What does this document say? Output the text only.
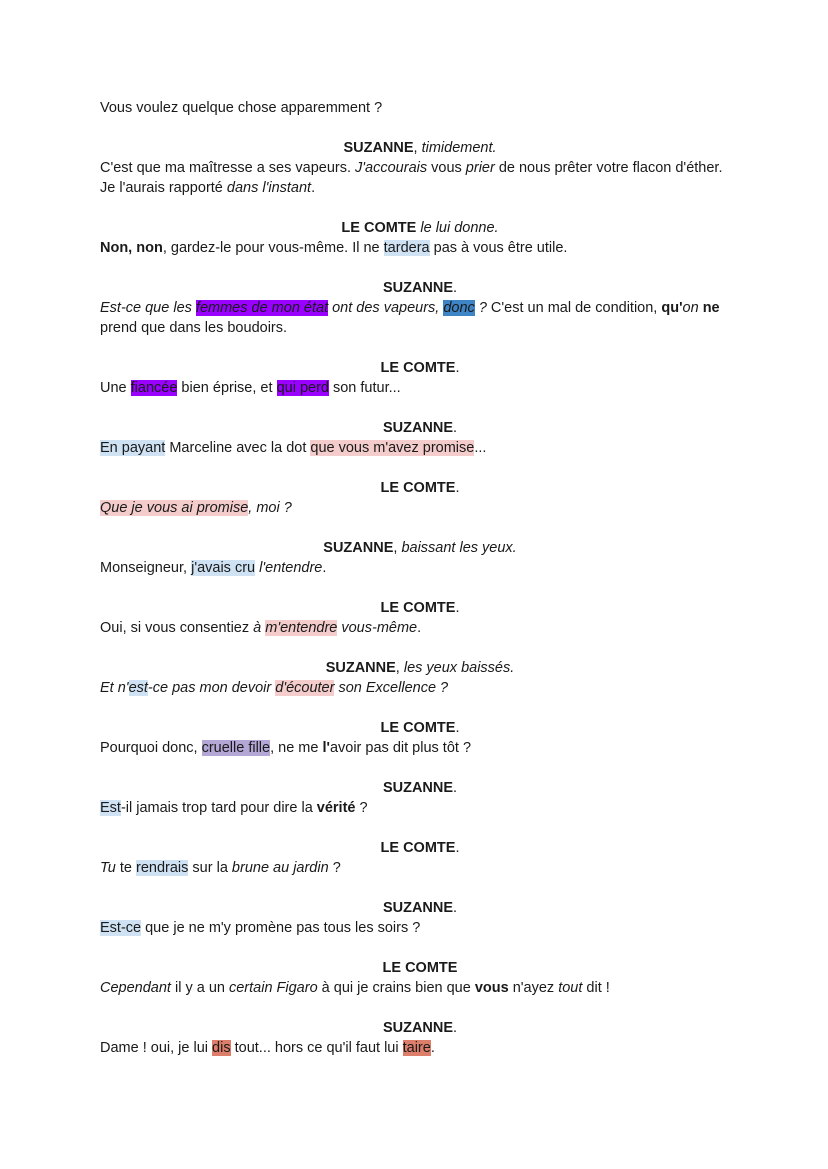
Vous voulez quelque chose apparemment ?

SUZANNE, timidement.

C'est que ma maîtresse a ses vapeurs. J'accourais vous prier de nous prêter votre flacon d'éther. Je l'aurais rapporté dans l'instant.

LE COMTE le lui donne.

Non, non, gardez-le pour vous-même. Il ne tardera pas à vous être utile.

SUZANNE.

Est-ce que les femmes de mon état ont des vapeurs, donc ? C'est un mal de condition, qu'on ne prend que dans les boudoirs.

LE COMTE.

Une fiancée bien éprise, et qui perd son futur...

SUZANNE.

En payant Marceline avec la dot que vous m'avez promise...

LE COMTE.

Que je vous ai promise, moi ?

SUZANNE, baissant les yeux.

Monseigneur, j'avais cru l'entendre.

LE COMTE.

Oui, si vous consentiez à m'entendre vous-même.

SUZANNE, les yeux baissés.

Et n'est-ce pas mon devoir d'écouter son Excellence ?

LE COMTE.

Pourquoi donc, cruelle fille, ne me l'avoir pas dit plus tôt ?

SUZANNE.

Est-il jamais trop tard pour dire la vérité ?

LE COMTE.

Tu te rendrais sur la brune au jardin ?

SUZANNE.

Est-ce que je ne m'y promène pas tous les soirs ?

LE COMTE

Cependant il y a un certain Figaro à qui je crains bien que vous n'ayez tout dit !

SUZANNE.

Dame ! oui, je lui dis tout... hors ce qu'il faut lui taire.
